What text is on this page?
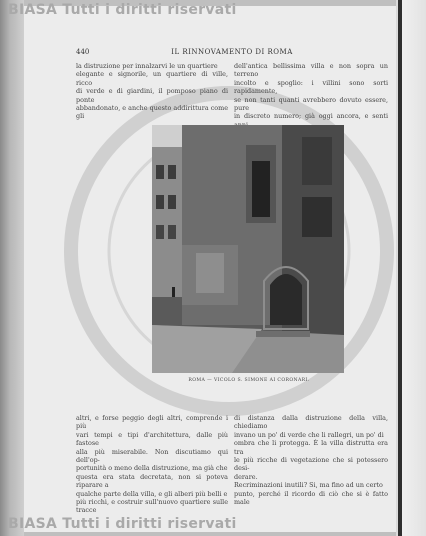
440	IL RINNOVAMENTO DI ROMA

la distruzione per innalzarvi le un quartiere

elegante e signorile, un quartiere di ville, ricco

di verde e di giardini, il pomposo piano di ponte

abbandonato, e anche questo addirittura come gli

dell'antica bellissima villa e non sopra un terreno

incolto e spoglio: i villini sono sorti rapidamente,

se non tanti quanti avrebbero dovuto essere, pure

in discreto numero; già oggi ancora, e senti

ROMA — VICOLO S. SIMONE AI CORONARI.

altri, e forse peggio degli altri, comprende i più

vari tempi e tipi d'architettura, dalle più fastose

alla più miserabile. Non discutiamo qui dell'op-

portunità o meno della distruzione, ma già che

questa era stata decretata, non si poteva riparare a

qualche parte della villa, e gli alberi più belli e

più ricchi, e costruir sull'nuovo quartiere sulle tracce

di distanza dalla distruzione della villa, chiediamo

invano un po' di verde che li rallegri, un po' di

ombra che li protegga. È la villa distrutta era tra

le più ricche di vegetazione che si potessero desi-

derare.

Recriminazioni inutili? Si, ma fino ad un certo

punto, perché il ricordo di ciò che si è fatto male

BIASA Tutti i diritti riservati
BIASA Tutti i diritti riservati
